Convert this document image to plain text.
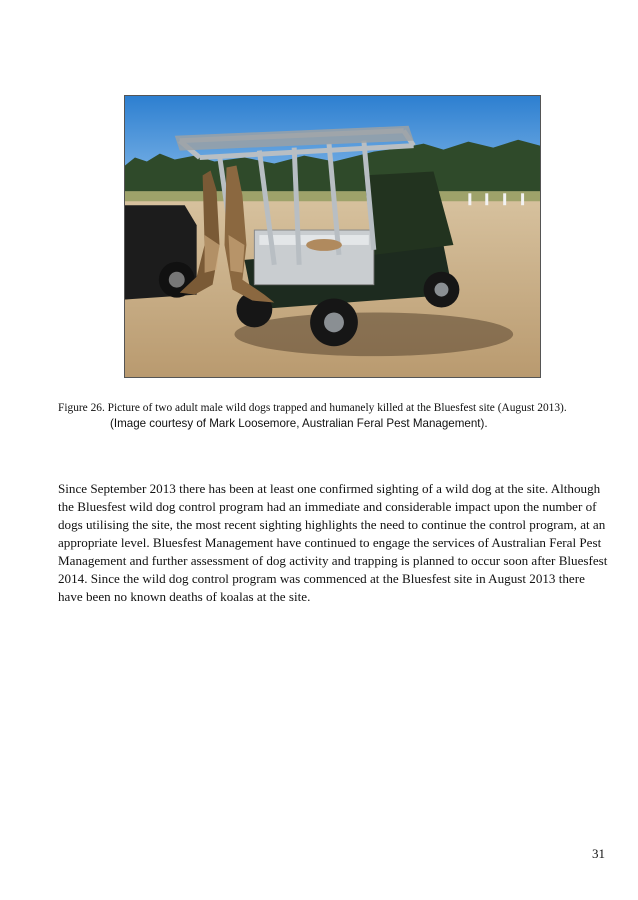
Figure 26. Picture of two adult male wild dogs trapped and humanely killed at the Bluesfest site (August 2013).
(Image courtesy of Mark Loosemore, Australian Feral Pest Management).

Since September 2013 there has been at least one confirmed sighting of a wild dog at the site. Although the Bluesfest wild dog control program had an immediate and considerable impact upon the number of dogs utilising the site, the most recent sighting highlights the need to continue the control program, at an appropriate level. Bluesfest Management have continued to engage the services of Australian Feral Pest Management and further assessment of dog activity and trapping is planned to occur soon after Bluesfest 2014. Since the wild dog control program was commenced at the Bluesfest site in August 2013 there have been no known deaths of koalas at the site.

31
